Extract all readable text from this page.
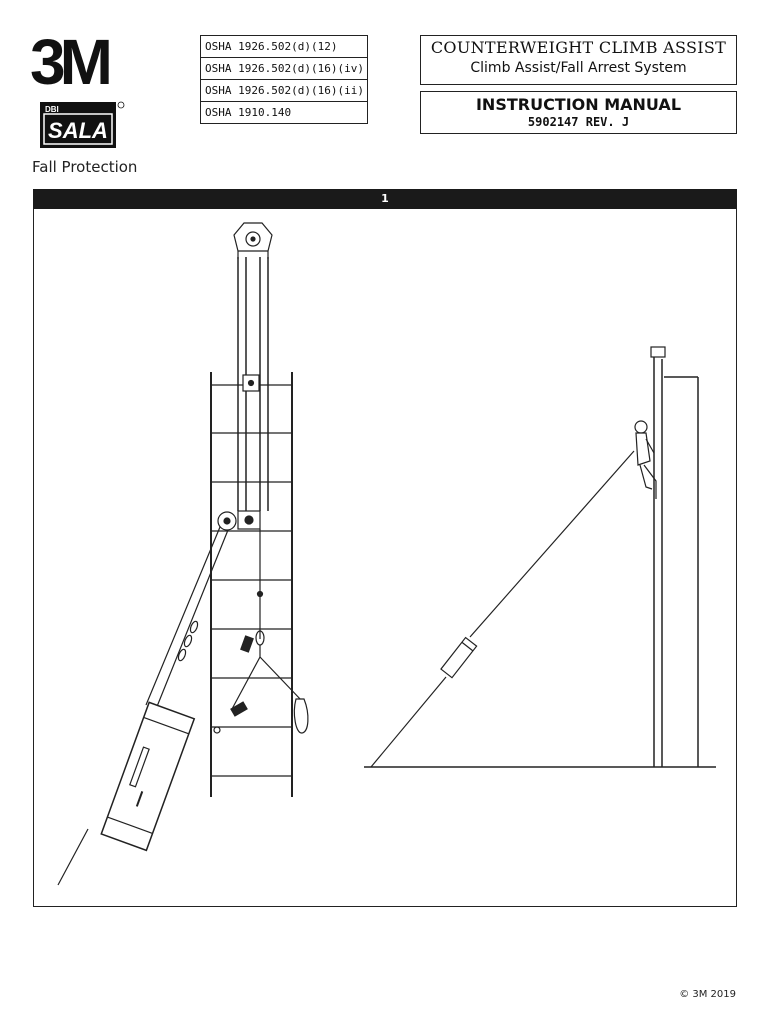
3M
DBI
SALA
Fall Protection
OSHA 1926.502(d)(12)
OSHA 1926.502(d)(16)(iv)
OSHA 1926.502(d)(16)(ii)
OSHA 1910.140
COUNTERWEIGHT CLIMB ASSIST
Climb Assist/Fall Arrest System
INSTRUCTION MANUAL
5902147 REV. J
1
© 3M 2019
